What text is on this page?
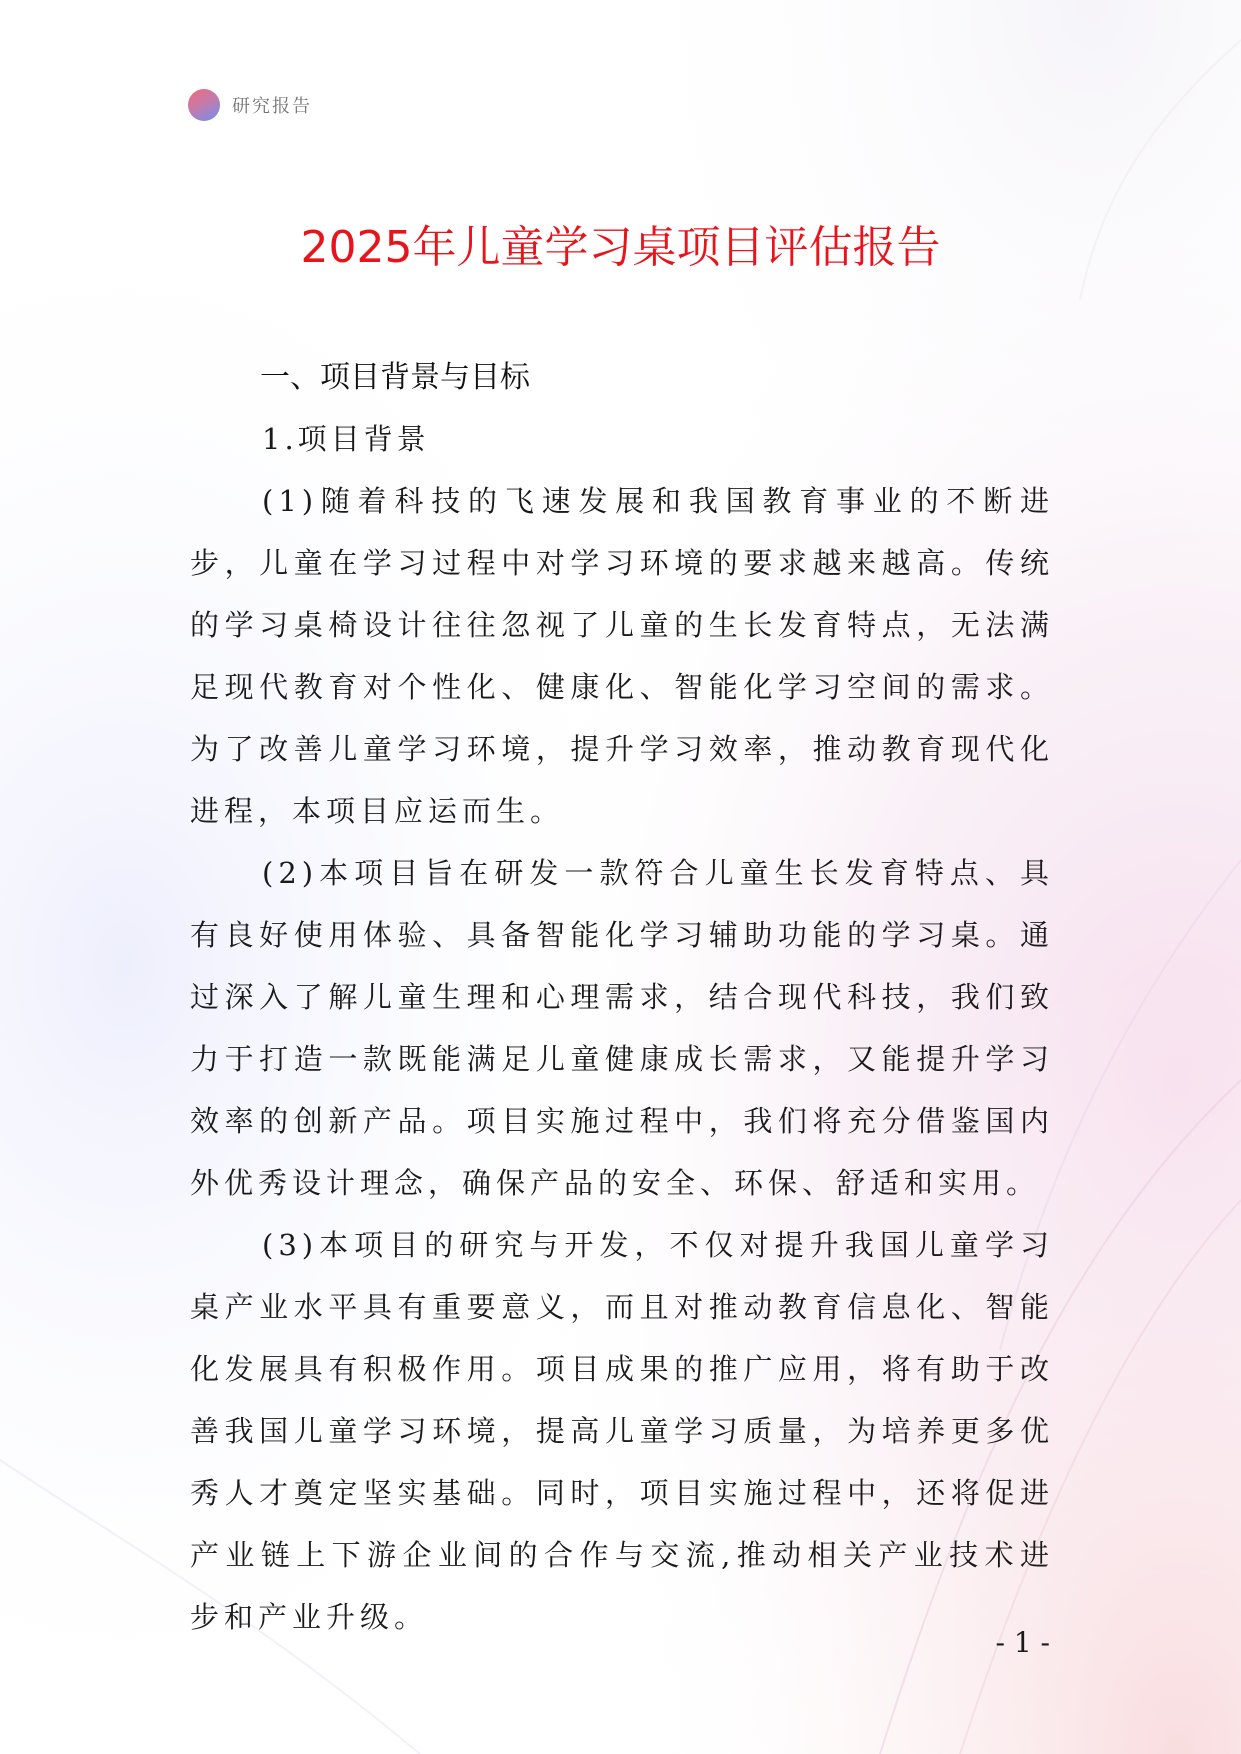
研究报告
2025年儿童学习桌项目评估报告

一、项目背景与目标

1.项目背景

(1)随着科技的飞速发展和我国教育事业的不断进步，儿童在学习过程中对学习环境的要求越来越高。传统的学习桌椅设计往往忽视了儿童的生长发育特点，无法满足现代教育对个性化、健康化、智能化学习空间的需求。为了改善儿童学习环境，提升学习效率，推动教育现代化进程，本项目应运而生。

(2)本项目旨在研发一款符合儿童生长发育特点、具有良好使用体验、具备智能化学习辅助功能的学习桌。通过深入了解儿童生理和心理需求，结合现代科技，我们致力于打造一款既能满足儿童健康成长需求，又能提升学习效率的创新产品。项目实施过程中，我们将充分借鉴国内外优秀设计理念，确保产品的安全、环保、舒适和实用。

(3)本项目的研究与开发，不仅对提升我国儿童学习桌产业水平具有重要意义，而且对推动教育信息化、智能化发展具有积极作用。项目成果的推广应用，将有助于改善我国儿童学习环境，提高儿童学习质量，为培养更多优秀人才奠定坚实基础。同时，项目实施过程中，还将促进产业链上下游企业间的合作与交流,推动相关产业技术进步和产业升级。

- 1 -
